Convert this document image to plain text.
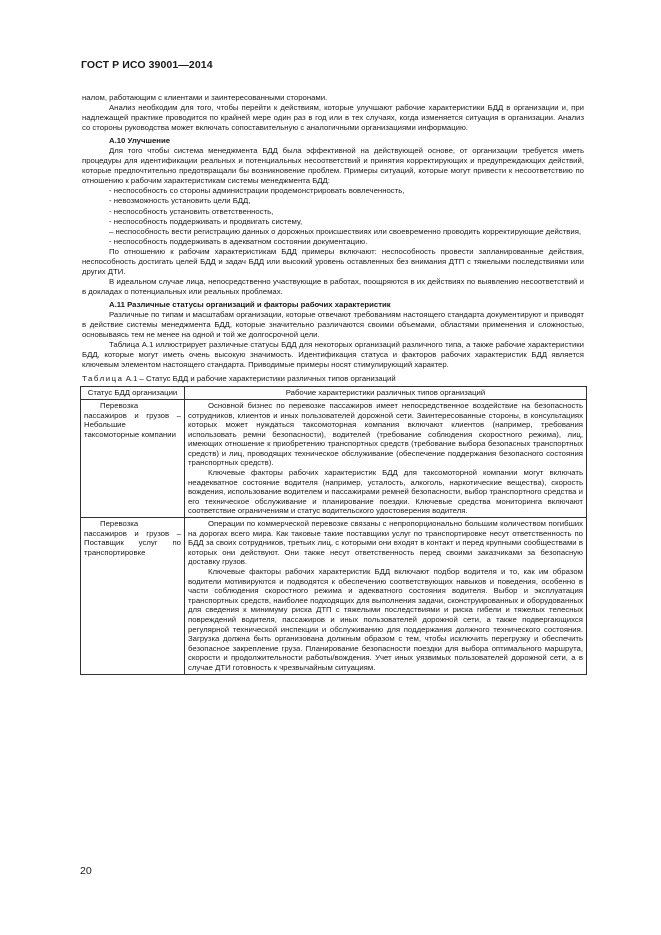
ГОСТ Р ИСО 39001—2014

налом, работающим с клиентами и заинтересованными сторонами.

Анализ необходим для того, чтобы перейти к действиям, которые улучшают рабочие характеристики БДД в организации и, при надлежащей практике проводится по крайней мере один раз в год или в тех случаях, когда изменяется ситуация в организации. Анализ со стороны руководства может включать сопоставительную с аналогичными организациями информацию.

А.10 Улучшение

Для того чтобы система менеджмента БДД была эффективной на действующей основе, от организации требуется иметь процедуры для идентификации реальных и потенциальных несоответствий и принятия корректирующих и предупреждающих действий, которые предпочтительно предотвращали бы возникновение проблем. Примеры ситуаций, которые могут привести к несоответствию по отношению к рабочим характеристикам системы менеджмента БДД:

- неспособность со стороны администрации продемонстрировать вовлеченность,

- невозможность установить цели БДД,

- неспособность установить ответственность,

- неспособность поддерживать и продвигать систему,

– неспособность вести регистрацию данных о дорожных происшествиях или своевременно проводить корректирующие действия,

- неспособность поддерживать в адекватном состоянии документацию.

По отношению к рабочим характеристикам БДД примеры включают: неспособность провести запланированные действия, неспособность достигать целей БДД и задач БДД или высокий уровень оставленных без внимания ДТП с тяжелыми последствиями или других ДТИ.

В идеальном случае лица, непосредственно участвующие в работах, поощряются в их действиях по выявлению несоответствий и в докладах о потенциальных или реальных проблемах.

А.11 Различные статусы организаций и факторы рабочих характеристик

Различные по типам и масштабам организации, которые отвечают требованиям настоящего стандарта документируют и приводят в действие системы менеджмента БДД, которые значительно различаются своими объемами, областями применения и сложностью, основываясь тем не менее на одной и той же долгосрочной цели.

Таблица А.1 иллюстрирует различные статусы БДД для некоторых организаций различного типа, а также рабочие характеристики БДД, которые могут иметь очень высокую значимость. Идентификация статуса и факторов рабочих характеристик БДД является ключевым элементом настоящего стандарта. Приводимые примеры носят стимулирующий характер.

Таблица А.1 – Статус БДД и рабочие характеристики различных типов организаций

Статус БДД организации	Рабочие характеристики различных типов организаций

Перевозка пассажиров и грузов – Небольшие таксомоторные компании	Основной бизнес по перевозке пассажиров имеет непосредственное воздействие на безопасность сотрудников, клиентов и иных пользователей дорожной сети. Заинтересованные стороны, в консультациях которых может нуждаться таксомоторная компания включают клиентов (например, требования использовать ремни безопасности), водителей (требование соблюдения скоростного режима), лиц, имеющих отношение к приобретению транспортных средств (требование выбора безопасных транспортных средств) и лиц, проводящих техническое обслуживание (обеспечение поддержания безопасного состояния транспортных средств).

Ключевые факторы рабочих характеристик БДД для таксомоторной компании могут включать неадекватное состояние водителя (например, усталость, алкоголь, наркотические вещества), скорость вождения, использование водителем и пассажирами ремней безопасности, выбор транспортного средства и его техническое обслуживание и планирование поездки. Ключевые средства мониторинга включают соответствие ограничениям и статус водительского удостоверения водителя.

Перевозка пассажиров и грузов – Поставщик услуг по транспортировке	Операции по коммерческой перевозке связаны с непропорционально большим количеством погибших на дорогах всего мира. Как таковые такие поставщики услуг по транспортировке несут ответственность по БДД за своих сотрудников, третьих лиц, с которыми они входят в контакт и перед крупными сообществами в которых они действуют. Они также несут ответственность перед своими заказчиками за безопасную доставку грузов.

Ключевые факторы рабочих характеристик БДД включают подбор водителя и то, как им образом водители мотивируются и подводятся к обеспечению соответствующих навыков и поведения, особенно в части соблюдения скоростного режима и адекватного состояния водителя. Выбор и эксплуатация транспортных средств, наиболее подходящих для выполнения задачи, сконструированных и оборудованных для сведения к минимуму риска ДТП с тяжелыми последствиями и риска гибели и тяжелых телесных повреждений водителя, пассажиров и иных пользователей дорожной сети, а также подвергающихся регулярной технической инспекции и обслуживанию для поддержания должного технического состояния. Загрузка должна быть организована должным образом с тем, чтобы исключить перегрузку и обеспечить безопасное закрепление груза. Планирование безопасности поездки для выбора оптимального маршрута, скорости и продолжительности работы/вождения. Учет иных уязвимых пользователей дорожной сети, а в случае ДТИ готовность к чрезвычайным ситуациям.

20
